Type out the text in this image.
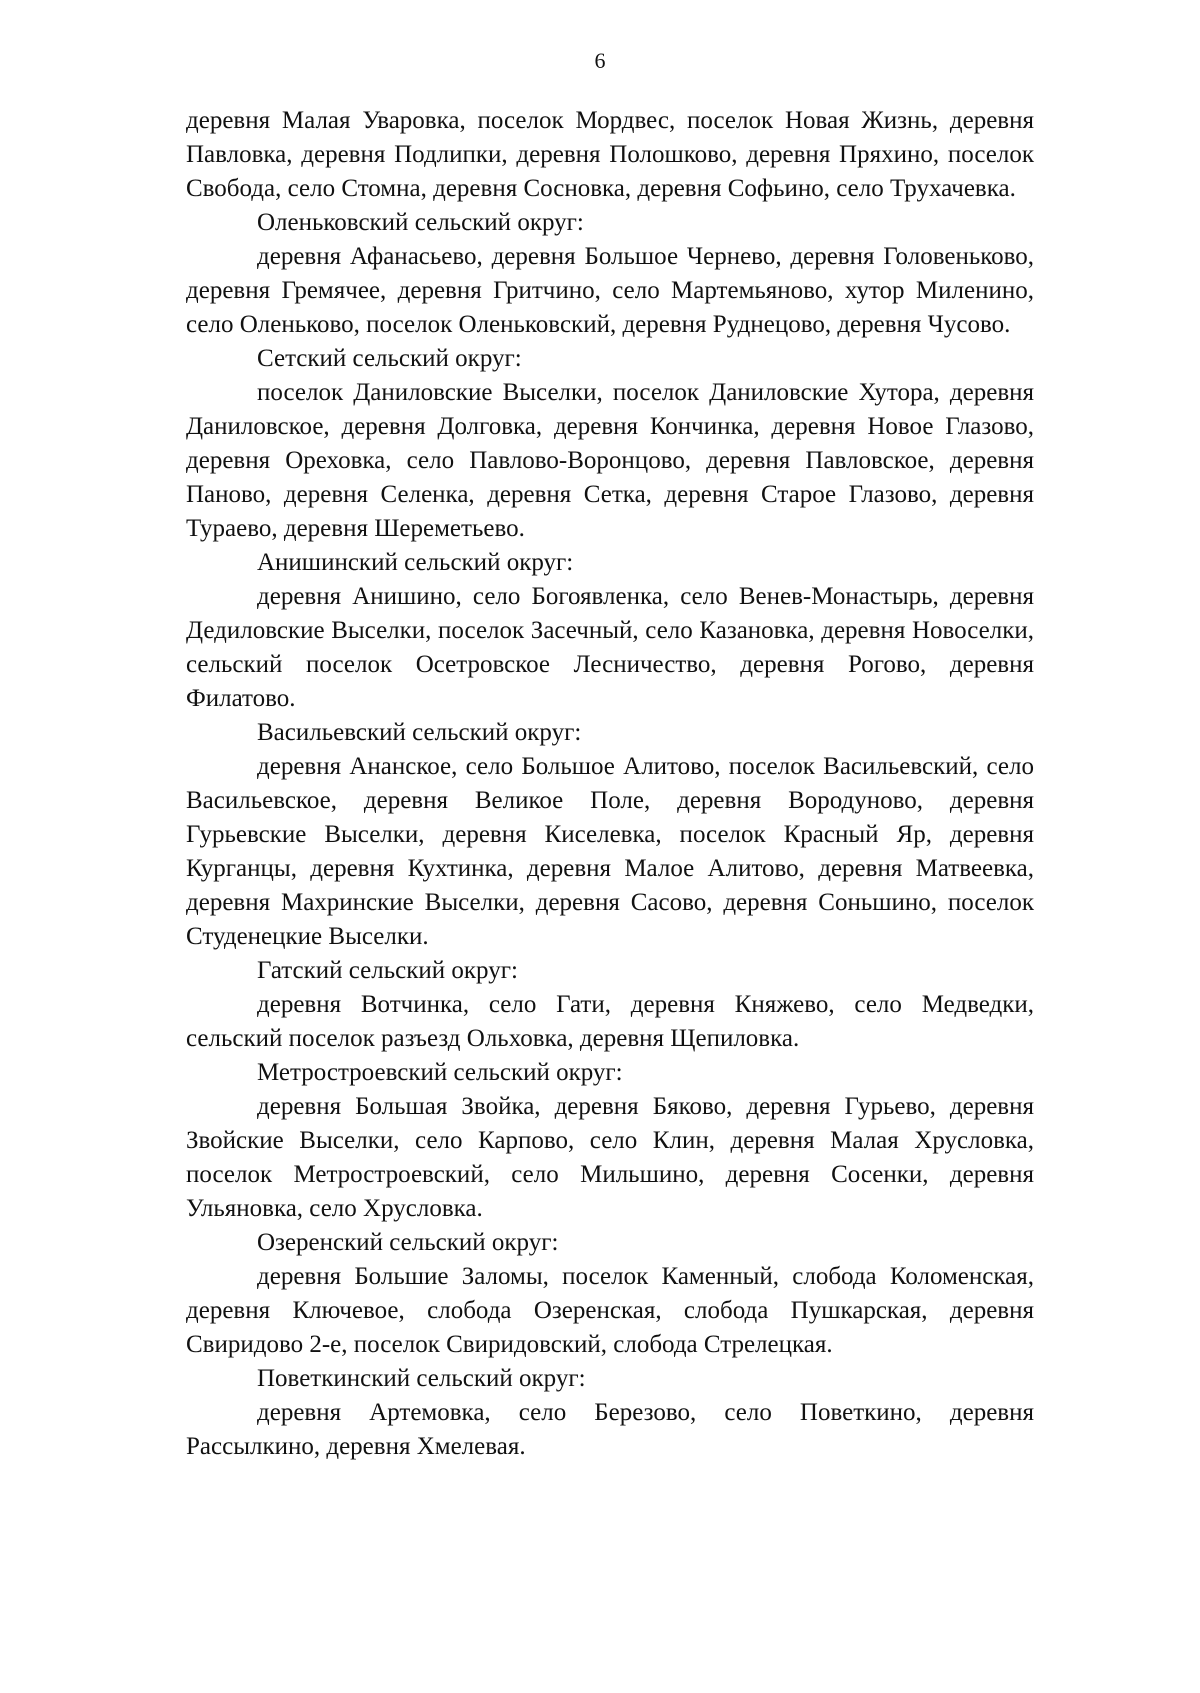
6

деревня Малая Уваровка, поселок Мордвес, поселок Новая Жизнь, деревня Павловка, деревня Подлипки, деревня Полошково, деревня Пряхино, поселок Свобода, село Стомна, деревня Сосновка, деревня Софьино, село Трухачевка.

Оленьковский сельский округ:

деревня Афанасьево, деревня Большое Чернево, деревня Головеньково, деревня Гремячее, деревня Гритчино, село Мартемьяново, хутор Миленино, село Оленьково, поселок Оленьковский, деревня Руднецово, деревня Чусово.

Сетский сельский округ:

поселок Даниловские Выселки, поселок Даниловские Хутора, деревня Даниловское, деревня Долговка, деревня Кончинка, деревня Новое Глазово, деревня Ореховка, село Павлово-Воронцово, деревня Павловское, деревня Паново, деревня Селенка, деревня Сетка, деревня Старое Глазово, деревня Тураево, деревня Шереметьево.

Анишинский сельский округ:

деревня Анишино, село Богоявленка, село Венев-Монастырь, деревня Дедиловские Выселки, поселок Засечный, село Казановка, деревня Новоселки, сельский поселок Осетровское Лесничество, деревня Рогово, деревня Филатово.

Васильевский сельский округ:

деревня Ананское, село Большое Алитово, поселок Васильевский, село Васильевское, деревня Великое Поле, деревня Вородуново, деревня Гурьевские Выселки, деревня Киселевка, поселок Красный Яр, деревня Курганцы, деревня Кухтинка, деревня Малое Алитово, деревня Матвеевка, деревня Махринские Выселки, деревня Сасово, деревня Соньшино, поселок Студенецкие Выселки.

Гатский сельский округ:

деревня Вотчинка, село Гати, деревня Княжево, село Медведки, сельский поселок разъезд Ольховка, деревня Щепиловка.

Метростроевский сельский округ:

деревня Большая Звойка, деревня Бяково, деревня Гурьево, деревня Звойские Выселки, село Карпово, село Клин, деревня Малая Хрусловка, поселок Метростроевский, село Мильшино, деревня Сосенки, деревня Ульяновка, село Хрусловка.

Озеренский сельский округ:

деревня Большие Заломы, поселок Каменный, слобода Коломенская, деревня Ключевое, слобода Озеренская, слобода Пушкарская, деревня Свиридово 2-е, поселок Свиридовский, слобода Стрелецкая.

Поветкинский сельский округ:

деревня Артемовка, село Березово, село Поветкино, деревня Рассылкино, деревня Хмелевая.
